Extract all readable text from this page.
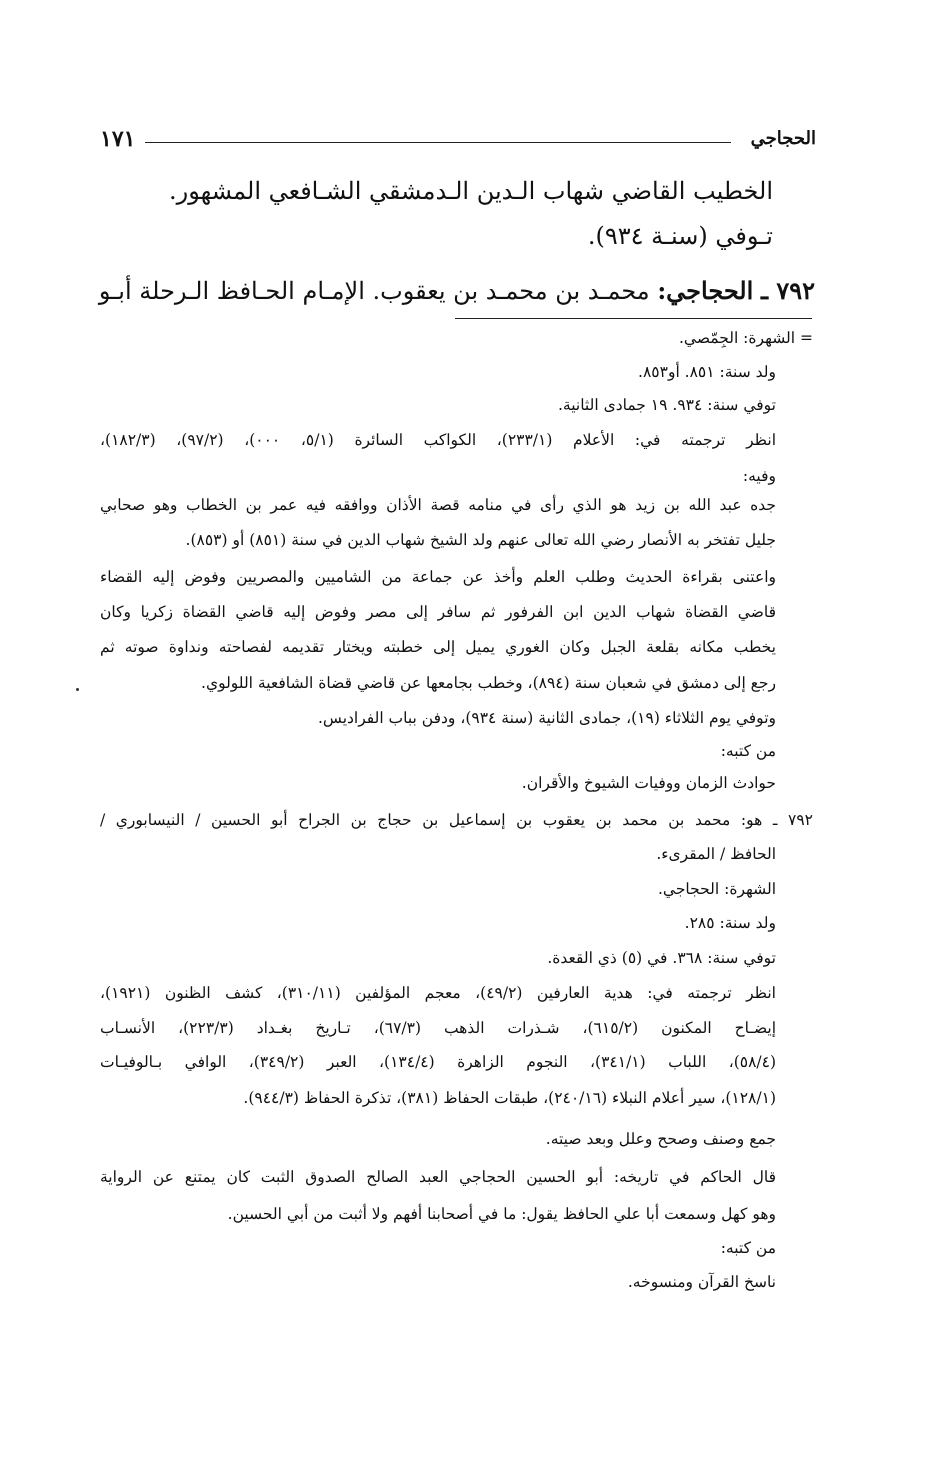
١٧١	الحجاجي
الخطيب القاضي شهاب الـدين الـدمشقي الشـافعي المشهور.
تـوفي (سنـة ٩٣٤).
٧٩٢ ـ الحجاجي: محمـد بن محمـد بن يعقوب. الإمـام الحـافظ الـرحلة أبـو
= الشهرة: الجِمّصي.
ولد سنة: ٨٥١. أو٨٥٣.
توفي سنة: ٩٣٤. ١٩ جمادى الثانية.
انظر ترجمته في: الأعلام (٢٣٣/١)، الكواكب السائرة (٥/١، ٠٠٠)، (٩٧/٢)، (١٨٢/٣)،
وفيه:
جده عبد الله بن زيد هو الذي رأى في منامه قصة الأذان ووافقه فيه عمر بن الخطاب وهو صحابي
جليل تفتخر به الأنصار رضي الله تعالى عنهم ولد الشيخ شهاب الدين في سنة (٨٥١) أو (٨٥٣).
واعتنى بقراءة الحديث وطلب العلم وأخذ عن جماعة من الشاميين والمصريين وفوض إليه القضاء
قاضي القضاة شهاب الدين ابن الفرفور ثم سافر إلى مصر وفوض إليه قاضي القضاة زكريا وكان
يخطب مكانه بقلعة الجبل وكان الغوري يميل إلى خطبته ويختار تقديمه لفصاحته ونداوة صوته ثم
رجع إلى دمشق في شعبان سنة (٨٩٤)، وخطب بجامعها عن قاضي قضاة الشافعية اللولوي.
وتوفي يوم الثلاثاء (١٩)، جمادى الثانية (سنة ٩٣٤)، ودفن بباب الفراديس.
من كتبه:
حوادث الزمان ووفيات الشيوخ والأقران.
٧٩٢ ـ هو: محمد بن محمد بن يعقوب بن إسماعيل بن حجاج بن الجراح أبو الحسين / النيسابوري /
الحافظ / المقرىء.
الشهرة: الحجاجي.
ولد سنة: ٢٨٥.
توفي سنة: ٣٦٨. في (٥) ذي القعدة.
انظر ترجمته في: هدية العارفين (٤٩/٢)، معجم المؤلفين (٣١٠/١١)، كشف الظنون (١٩٢١)،
إيضـاح المكنون (٦١٥/٢)، شـذرات الذهب (٦٧/٣)، تـاريخ بغـداد (٢٢٣/٣)، الأنسـاب
(٥٨/٤)، اللباب (٣٤١/١)، النجوم الزاهرة (١٣٤/٤)، العبر (٣٤٩/٢)، الوافي بـالوفيـات
(١٢٨/١)، سير أعلام النبلاء (٢٤٠/١٦)، طبقات الحفاظ (٣٨١)، تذكرة الحفاظ (٩٤٤/٣).
جمع وصنف وصحح وعلل وبعد صيته.
قال الحاكم في تاريخه: أبو الحسين الحجاجي العبد الصالح الصدوق الثبت كان يمتنع عن الرواية
وهو كهل وسمعت أبا علي الحافظ يقول: ما في أصحابنا أفهم ولا أثبت من أبي الحسين.
من كتبه:
ناسخ القرآن ومنسوخه.
